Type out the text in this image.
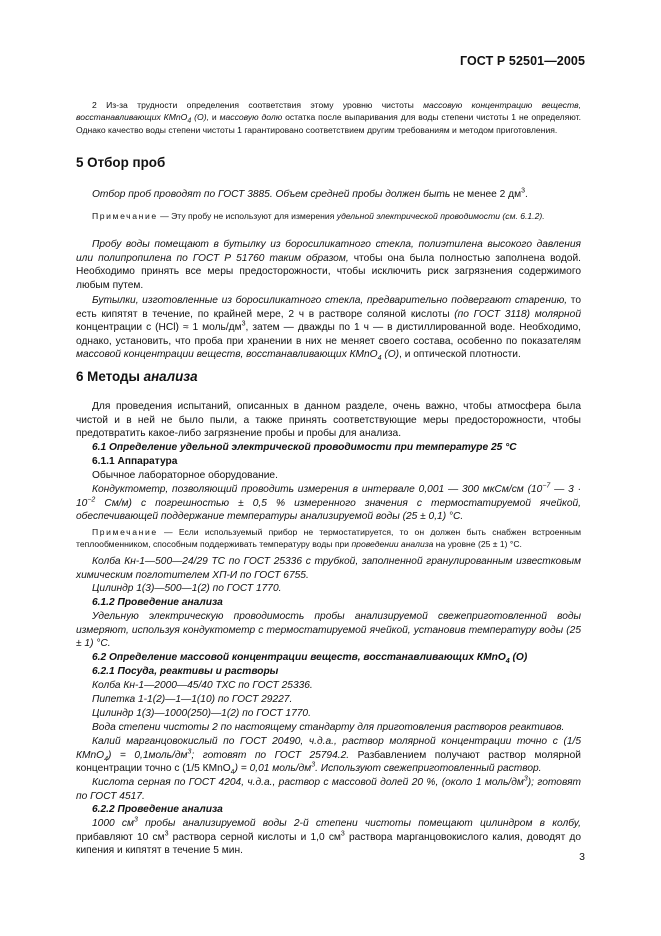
ГОСТ Р 52501—2005

2 Из-за трудности определения соответствия этому уровню чистоты массовую концентрацию веществ, восстанавливающих КМnО$_4$ (О), и массовую долю остатка после выпаривания для воды степени чистоты 1 не определяют. Однако качество воды степени чистоты 1 гарантировано соответствием другим требованиям и методом приготовления.

5 Отбор проб

Отбор проб проводят по ГОСТ 3885. Объем средней пробы должен быть не менее 2 $дм^3$.

Примечание — Эту пробу не используют для измерения удельной электрической проводимости (см. 6.1.2).

Пробу воды помещают в бутылку из боросиликатного стекла, полиэтилена высокого давления или полипропилена по ГОСТ Р 51760 таким образом, чтобы она была полностью заполнена водой. Необходимо принять все меры предосторожности, чтобы исключить риск загрязнения содержимого любым путем.

Бутылки, изготовленные из боросиликатного стекла, предварительно подвергают старению, то есть кипятят в течение, по крайней мере, 2 ч в растворе соляной кислоты (по ГОСТ 3118) молярной концентрации с (НСl) ≈ 1 моль/$дм^3$, затем — дважды по 1 ч — в дистиллированной воде. Необходимо, однако, установить, что проба при хранении в них не меняет своего состава, особенно по показателям массовой концентрации веществ, восстанавливающих КМnО$_4$ (О), и оптической плотности.

6 Методы анализа

Для проведения испытаний, описанных в данном разделе, очень важно, чтобы атмосфера была чистой и в ней не было пыли, а также принять соответствующие меры предосторожности, чтобы предотвратить какое-либо загрязнение пробы и пробы для анализа.

6.1 Определение удельной электрической проводимости при температуре 25 °С

6.1.1 Аппаратура

Обычное лабораторное оборудование.

Кондуктометр, позволяющий проводить измерения в интервале 0,001 — 300 мкСм/см ($10^{-7}$ — $3 \cdot 10^{-2}$ См/м) с погрешностью ± 0,5 % измеренного значения с термостатируемой ячейкой, обеспечивающей поддержание температуры анализируемой воды (25 ± 0,1) °С.

Примечание — Если используемый прибор не термостатируется, то он должен быть снабжен встроенным теплообменником, способным поддерживать температуру воды при проведении анализа на уровне (25 ± 1) °С.

Колба Кн-1—500—24/29 ТС по ГОСТ 25336 с трубкой, заполненной гранулированным известковым химическим поглотителем ХП-И по ГОСТ 6755.

Цилиндр 1(3)—500—1(2) по ГОСТ 1770.

6.1.2 Проведение анализа

Удельную электрическую проводимость пробы анализируемой свежеприготовленной воды измеряют, используя кондуктометр с термостатируемой ячейкой, установив температуру воды (25 ± 1) °С.

6.2 Определение массовой концентрации веществ, восстанавливающих КМnО$_4$ (О)

6.2.1 Посуда, реактивы и растворы

Колба Кн-1—2000—45/40 ТХС по ГОСТ 25336.

Пипетка 1-1(2)—1—1(10) по ГОСТ 29227.

Цилиндр 1(3)—1000(250)—1(2) по ГОСТ 1770.

Вода степени чистоты 2 по настоящему стандарту для приготовления растворов реактивов.

Калий марганцовокислый по ГОСТ 20490, ч.д.а., раствор молярной концентрации точно с (1/5 КМnО$_4$) = $0,1моль/дм^3$; готовят по ГОСТ 25794.2. Разбавлением получают раствор молярной концентрации точно с (1/5 КМnО$_4$) = 0,01 моль/$дм^3$. Используют свежеприготовленный раствор.

Кислота серная по ГОСТ 4204, ч.д.а., раствор с массовой долей 20 %, (около 1 моль/$дм^3$); готовят по ГОСТ 4517.

6.2.2 Проведение анализа

1000 $см^3$ пробы анализируемой воды 2-й степени чистоты помещают цилиндром в колбу, прибавляют 10 $см^3$ раствора серной кислоты и 1,0 $см^3$ раствора марганцовокислого калия, доводят до кипения и кипятят в течение 5 мин.

3
